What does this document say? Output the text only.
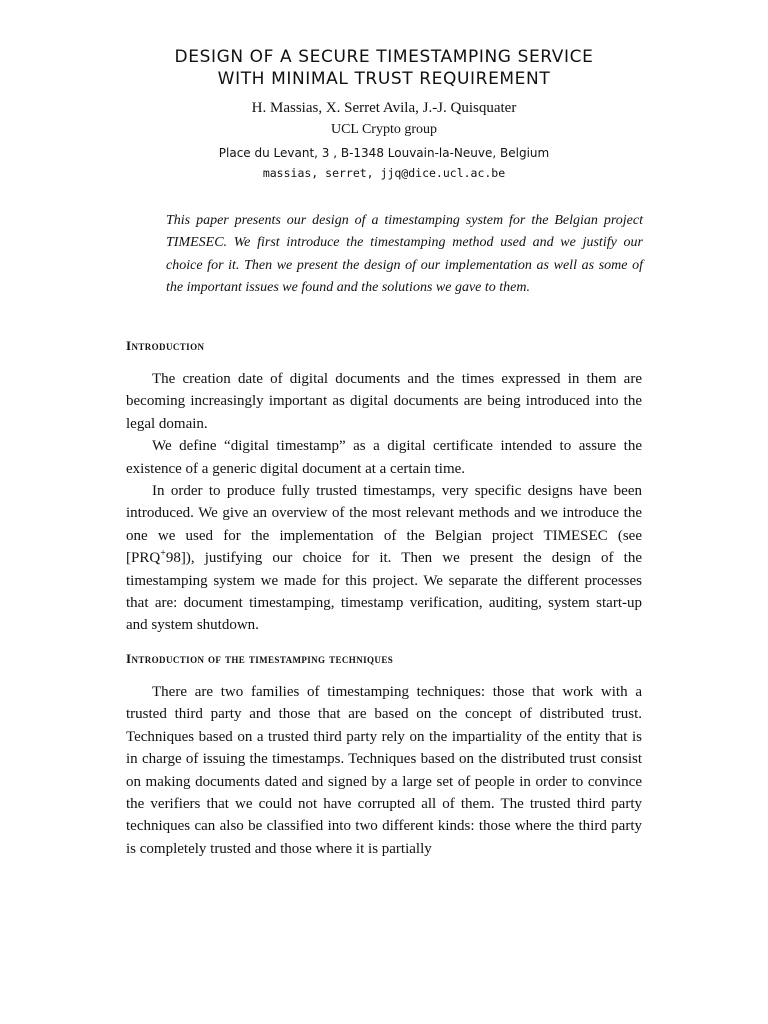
DESIGN OF A SECURE TIMESTAMPING SERVICE
WITH MINIMAL TRUST REQUIREMENT
H. Massias, X. Serret Avila, J.-J. Quisquater
UCL Crypto group
Place du Levant, 3 , B-1348 Louvain-la-Neuve, Belgium
massias, serret, jjq@dice.ucl.ac.be
This paper presents our design of a timestamping system for the Belgian project TIMESEC. We first introduce the timestamping method used and we justify our choice for it. Then we present the design of our implementation as well as some of the important issues we found and the solutions we gave to them.
Introduction

The creation date of digital documents and the times expressed in them are becoming increasingly important as digital documents are being introduced into the legal domain.

We define “digital timestamp” as a digital certificate intended to assure the existence of a generic digital document at a certain time.

In order to produce fully trusted timestamps, very specific designs have been introduced. We give an overview of the most relevant methods and we introduce the one we used for the implementation of the Belgian project TIMESEC (see [PRQ+98]), justifying our choice for it. Then we present the design of the timestamping system we made for this project. We separate the different processes that are: document timestamping, timestamp verification, auditing, system start-up and system shutdown.

Introduction of the timestamping techniques

There are two families of timestamping techniques: those that work with a trusted third party and those that are based on the concept of distributed trust. Techniques based on a trusted third party rely on the impartiality of the entity that is in charge of issuing the timestamps. Techniques based on the distributed trust consist on making documents dated and signed by a large set of people in order to convince the verifiers that we could not have corrupted all of them. The trusted third party techniques can also be classified into two different kinds: those where the third party is completely trusted and those where it is partially
